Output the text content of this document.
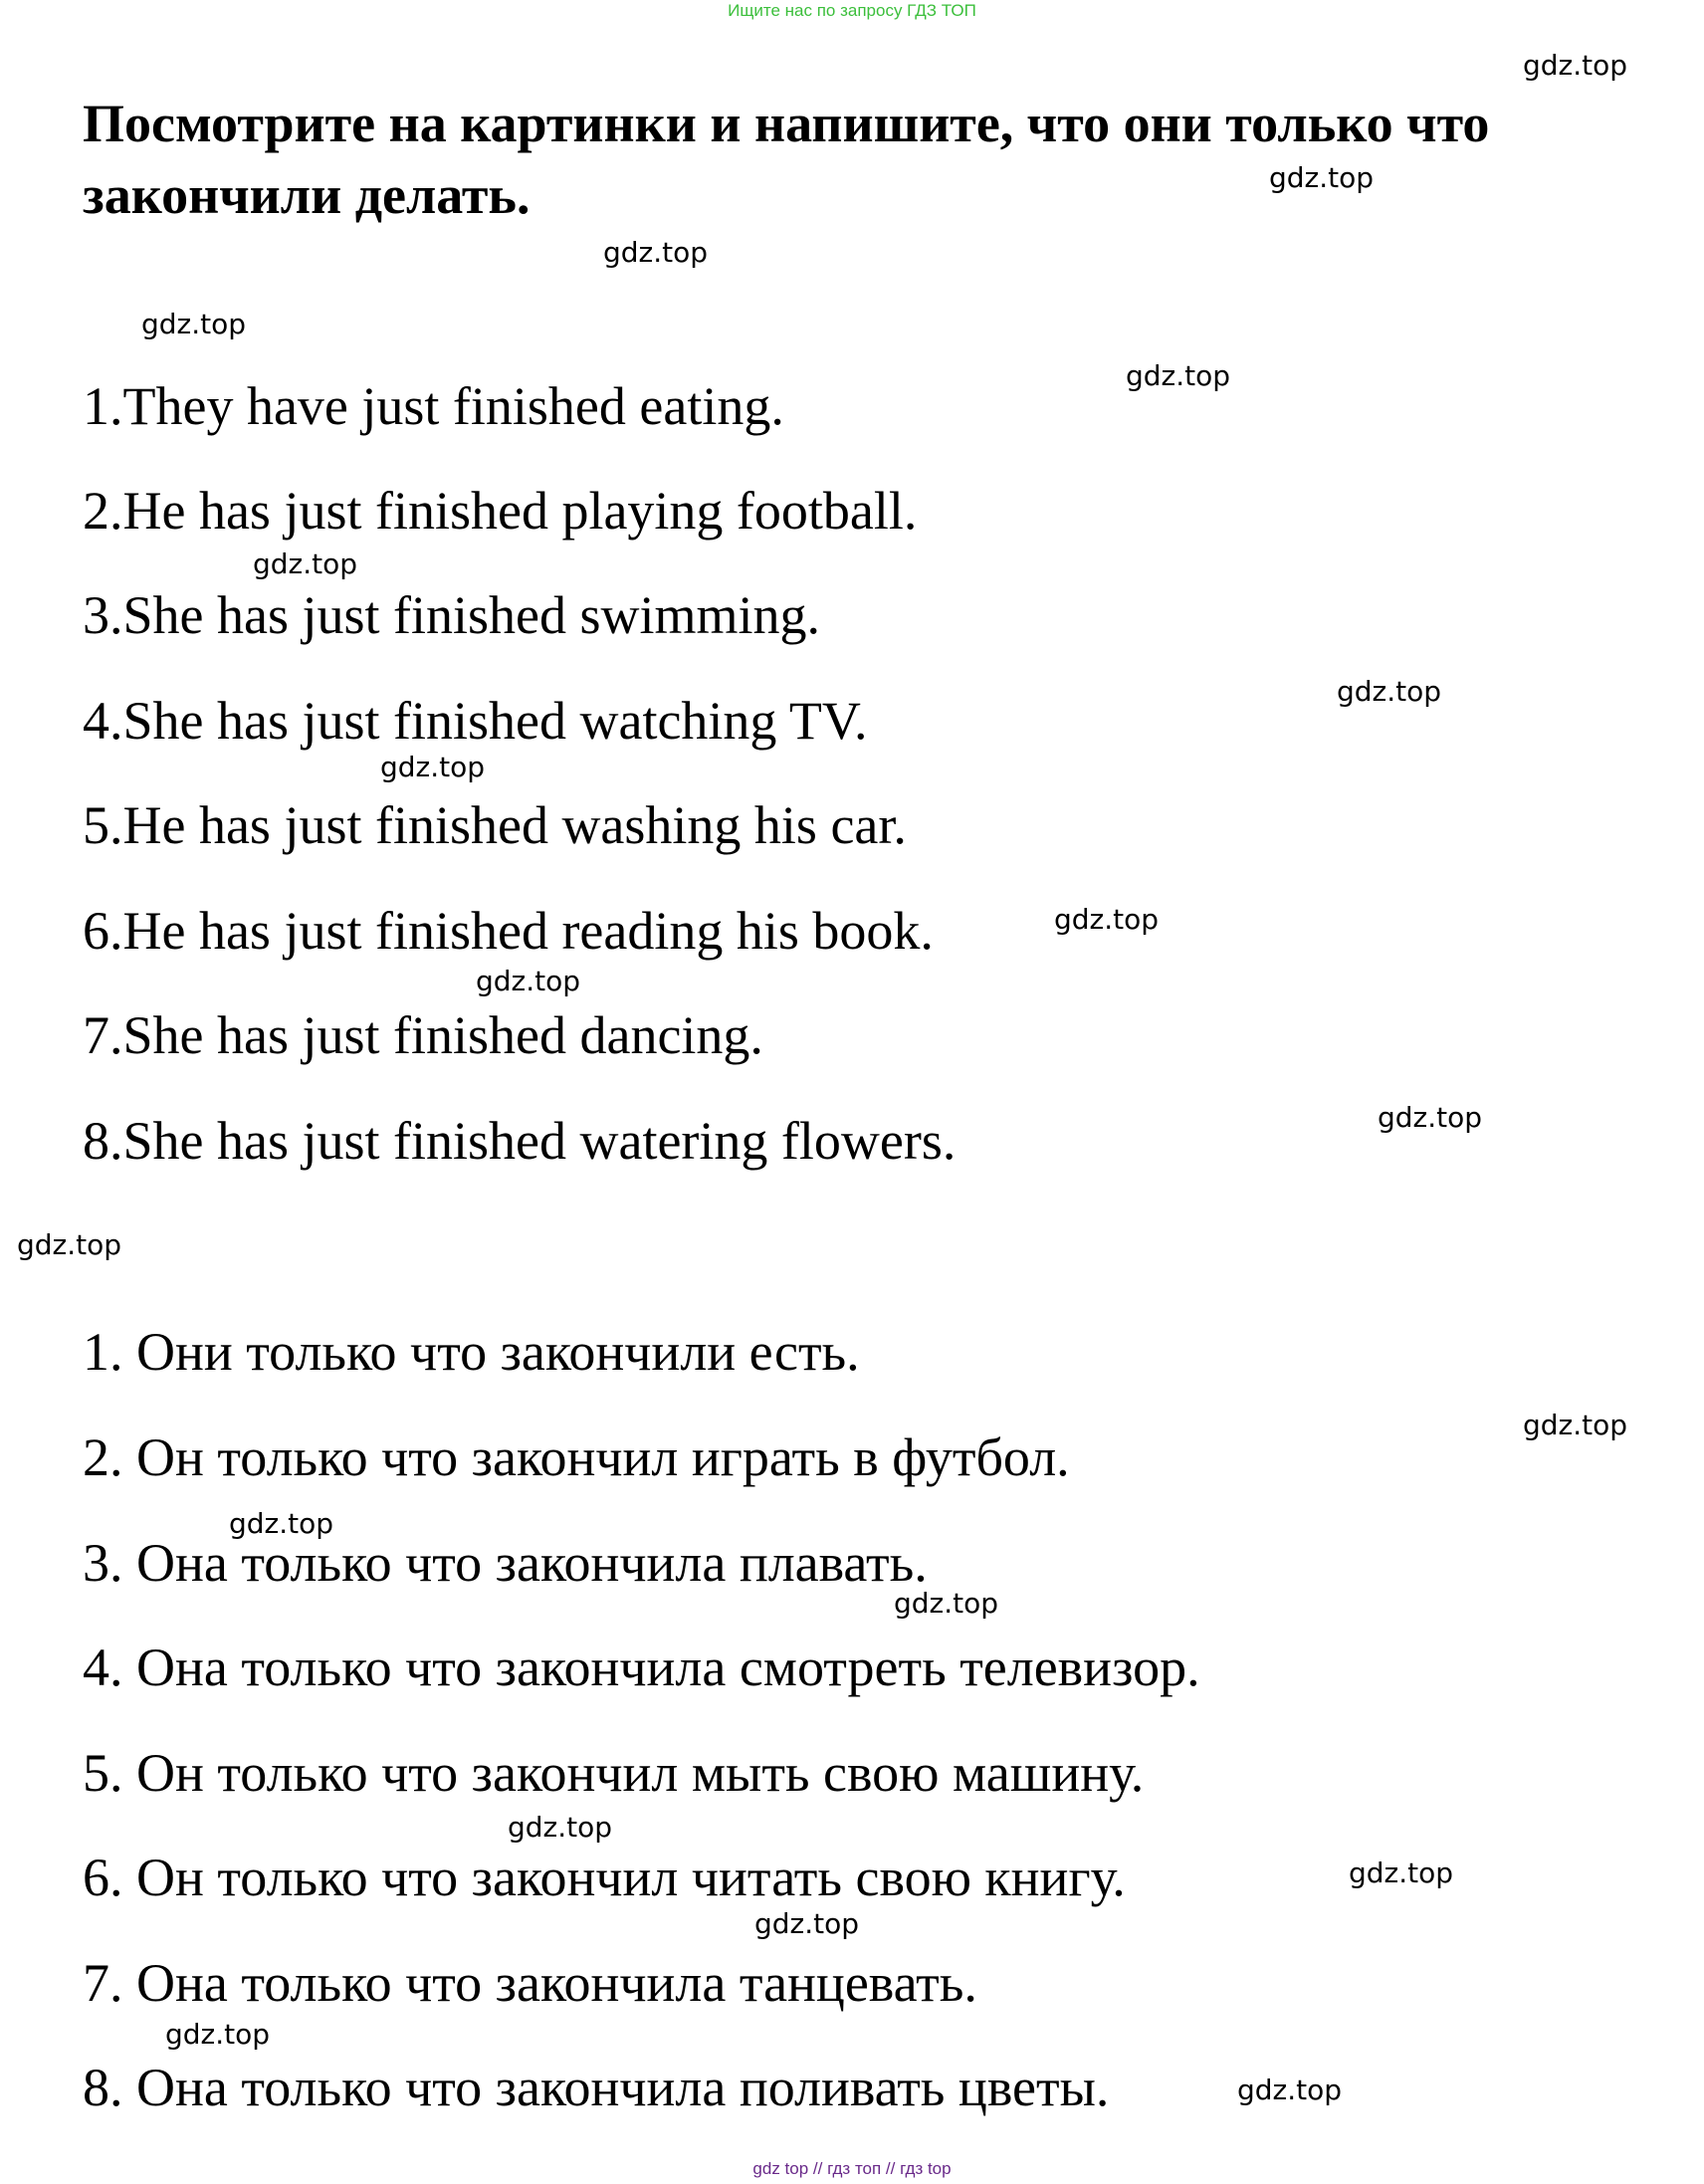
Ищите нас по запросу ГДЗ ТОП
Посмотрите на картинки и напишите, что они только что закончили делать.

1.They have just finished eating.

2.He has just finished playing football.

3.She has just finished swimming.

4.She has just finished watching TV.

5.He has just finished washing his car.

6.He has just finished reading his book.

7.She has just finished dancing.

8.She has just finished watering flowers.

1. Они только что закончили есть.

2. Он только что закончил играть в футбол.

3. Она только что закончила плавать.

4. Она только что закончила смотреть телевизор.

5. Он только что закончил мыть свою машину.

6. Он только что закончил читать свою книгу.

7. Она только что закончила танцевать.

8. Она только что закончила поливать цветы.

gdz.top
gdz.top
gdz.top
gdz.top
gdz.top
gdz.top
gdz.top
gdz.top
gdz.top
gdz.top
gdz.top
gdz.top
gdz.top
gdz.top
gdz.top
gdz.top
gdz.top
gdz.top
gdz.top
gdz.top
gdz top // гдз топ // гдз top
